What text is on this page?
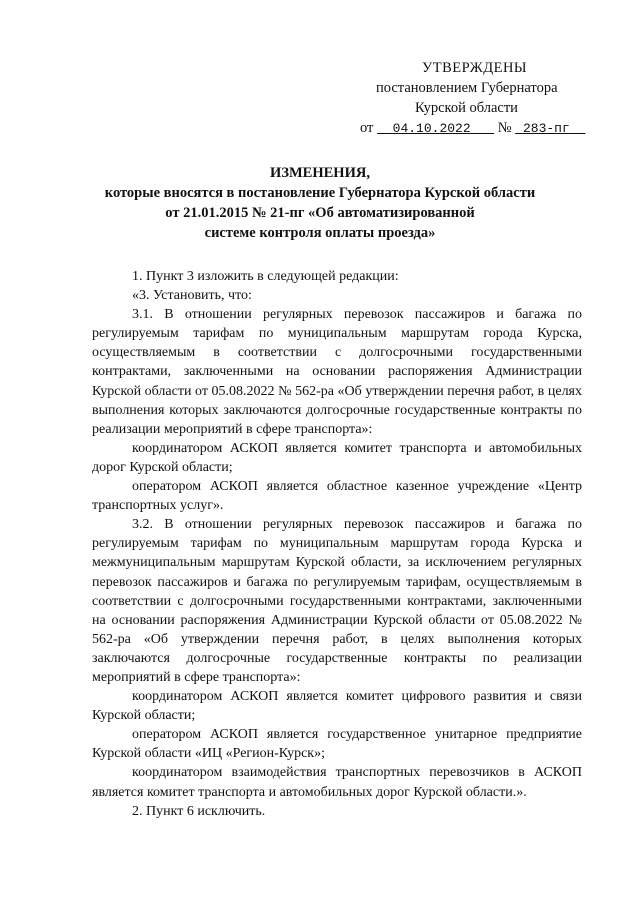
УТВЕРЖДЕНЫ
постановлением Губернатора
Курской области
от 04.10.2022 № 283-пг
ИЗМЕНЕНИЯ,
которые вносятся в постановление Губернатора Курской области
от 21.01.2015 № 21-пг «Об автоматизированной
системе контроля оплаты проезда»

1. Пункт 3 изложить в следующей редакции:

«3. Установить, что:

3.1. В отношении регулярных перевозок пассажиров и багажа по регулируемым тарифам по муниципальным маршрутам города Курска, осуществляемым в соответствии с долгосрочными государственными контрактами, заключенными на основании распоряжения Администрации Курской области от 05.08.2022 № 562-ра «Об утверждении перечня работ, в целях выполнения которых заключаются долгосрочные государственные контракты по реализации мероприятий в сфере транспорта»:

координатором АСКОП является комитет транспорта и автомобильных дорог Курской области;

оператором АСКОП является областное казенное учреждение «Центр транспортных услуг».

3.2. В отношении регулярных перевозок пассажиров и багажа по регулируемым тарифам по муниципальным маршрутам города Курска и межмуниципальным маршрутам Курской области, за исключением регулярных перевозок пассажиров и багажа по регулируемым тарифам, осуществляемым в соответствии с долгосрочными государственными контрактами, заключенными на основании распоряжения Администрации Курской области от 05.08.2022 № 562-ра «Об утверждении перечня работ, в целях выполнения которых заключаются долгосрочные государственные контракты по реализации мероприятий в сфере транспорта»:

координатором АСКОП является комитет цифрового развития и связи Курской области;

оператором АСКОП является государственное унитарное предприятие Курской области «ИЦ «Регион-Курск»;

координатором взаимодействия транспортных перевозчиков в АСКОП является комитет транспорта и автомобильных дорог Курской области.».

2. Пункт 6 исключить.
